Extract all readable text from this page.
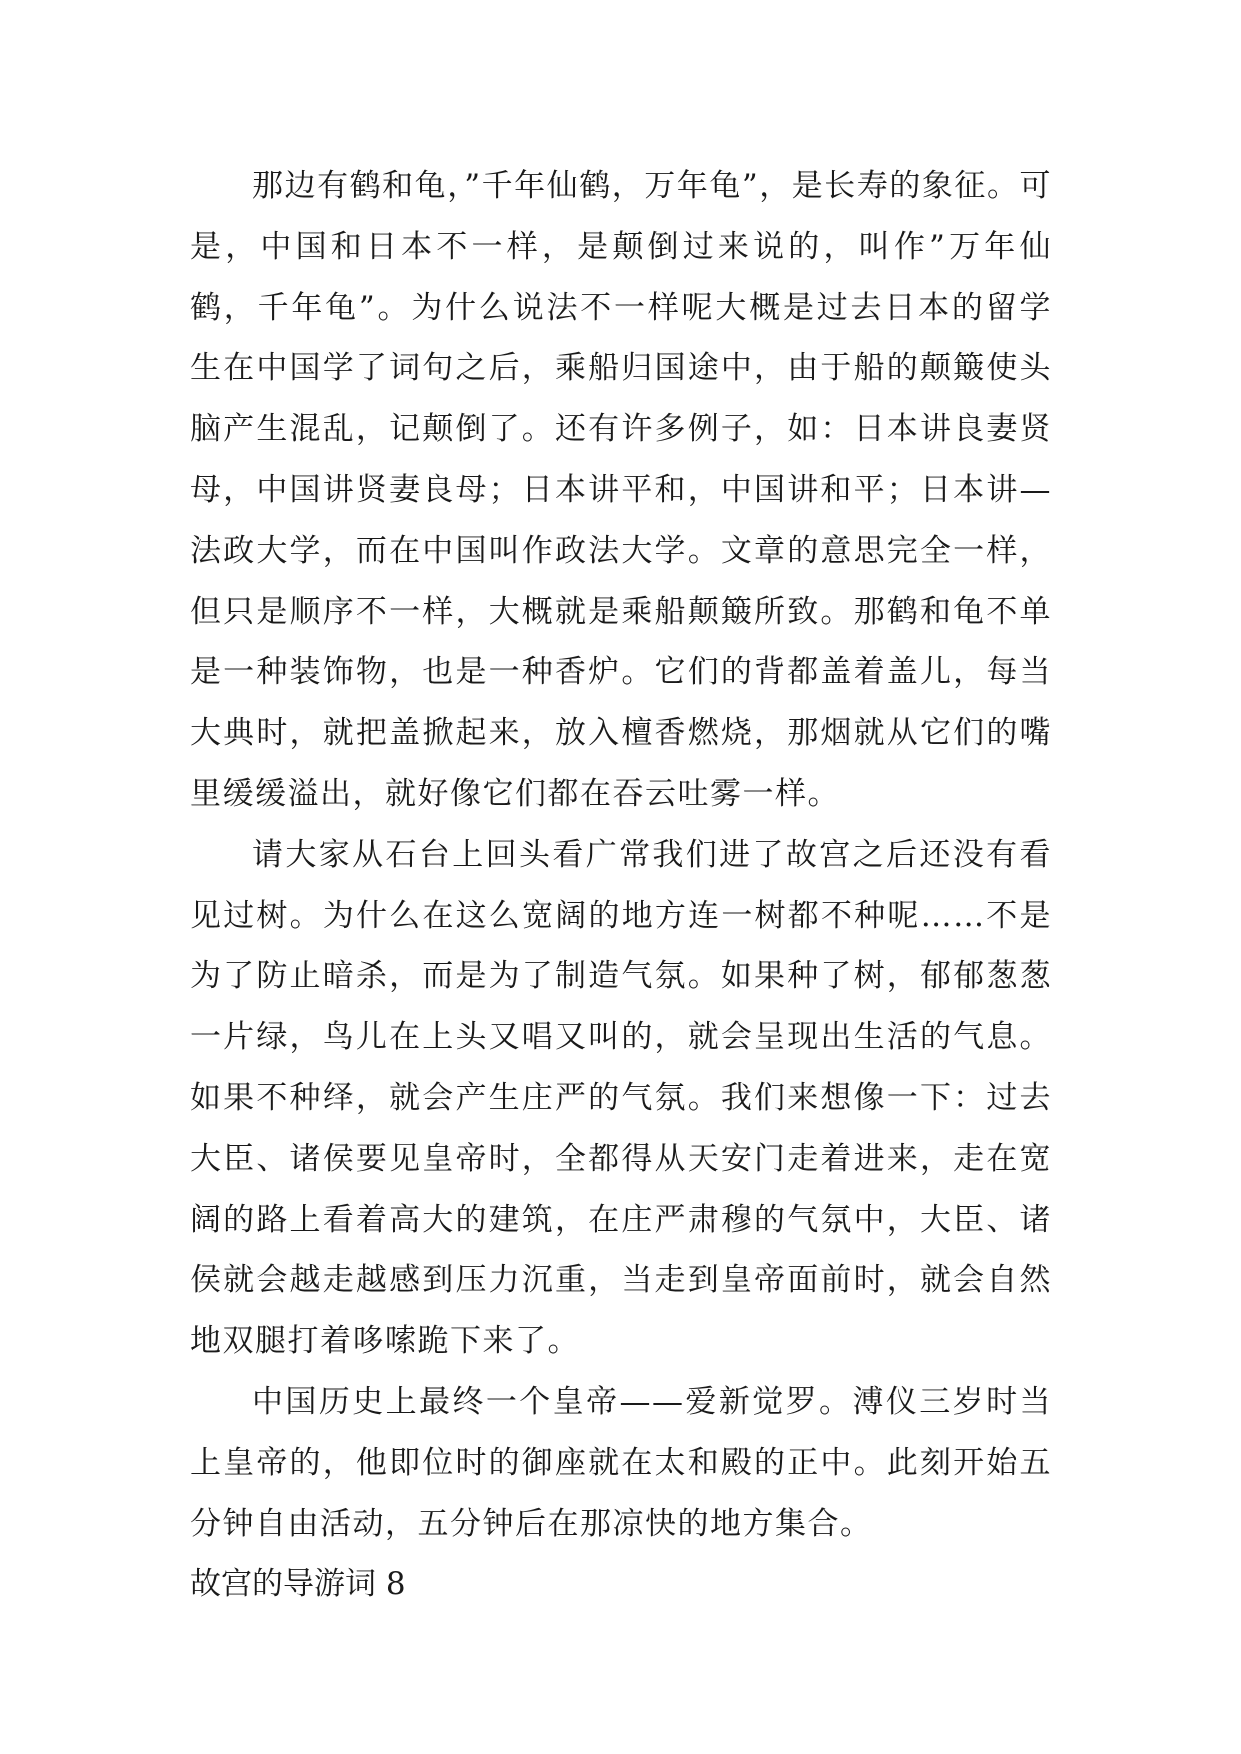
那边有鹤和龟，”千年仙鹤，万年龟”，是长寿的象征。可是，中国和日本不一样，是颠倒过来说的，叫作”万年仙鹤，千年龟”。为什么说法不一样呢大概是过去日本的留学生在中国学了词句之后，乘船归国途中，由于船的颠簸使头脑产生混乱，记颠倒了。还有许多例子，如：日本讲良妻贤母，中国讲贤妻良母；日本讲平和，中国讲和平；日本讲—法政大学，而在中国叫作政法大学。文章的意思完全一样，但只是顺序不一样，大概就是乘船颠簸所致。那鹤和龟不单是一种装饰物，也是一种香炉。它们的背都盖着盖儿，每当大典时，就把盖掀起来，放入檀香燃烧，那烟就从它们的嘴里缓缓溢出，就好像它们都在吞云吐雾一样。

请大家从石台上回头看广常我们进了故宫之后还没有看见过树。为什么在这么宽阔的地方连一树都不种呢……不是为了防止暗杀，而是为了制造气氛。如果种了树，郁郁葱葱一片绿，鸟儿在上头又唱又叫的，就会呈现出生活的气息。如果不种绎，就会产生庄严的气氛。我们来想像一下：过去大臣、诸侯要见皇帝时，全都得从天安门走着进来，走在宽阔的路上看着高大的建筑，在庄严肃穆的气氛中，大臣、诸侯就会越走越感到压力沉重，当走到皇帝面前时，就会自然地双腿打着哆嗦跪下来了。

中国历史上最终一个皇帝——爱新觉罗。溥仪三岁时当上皇帝的，他即位时的御座就在太和殿的正中。此刻开始五分钟自由活动，五分钟后在那凉快的地方集合。

故宫的导游词 8
